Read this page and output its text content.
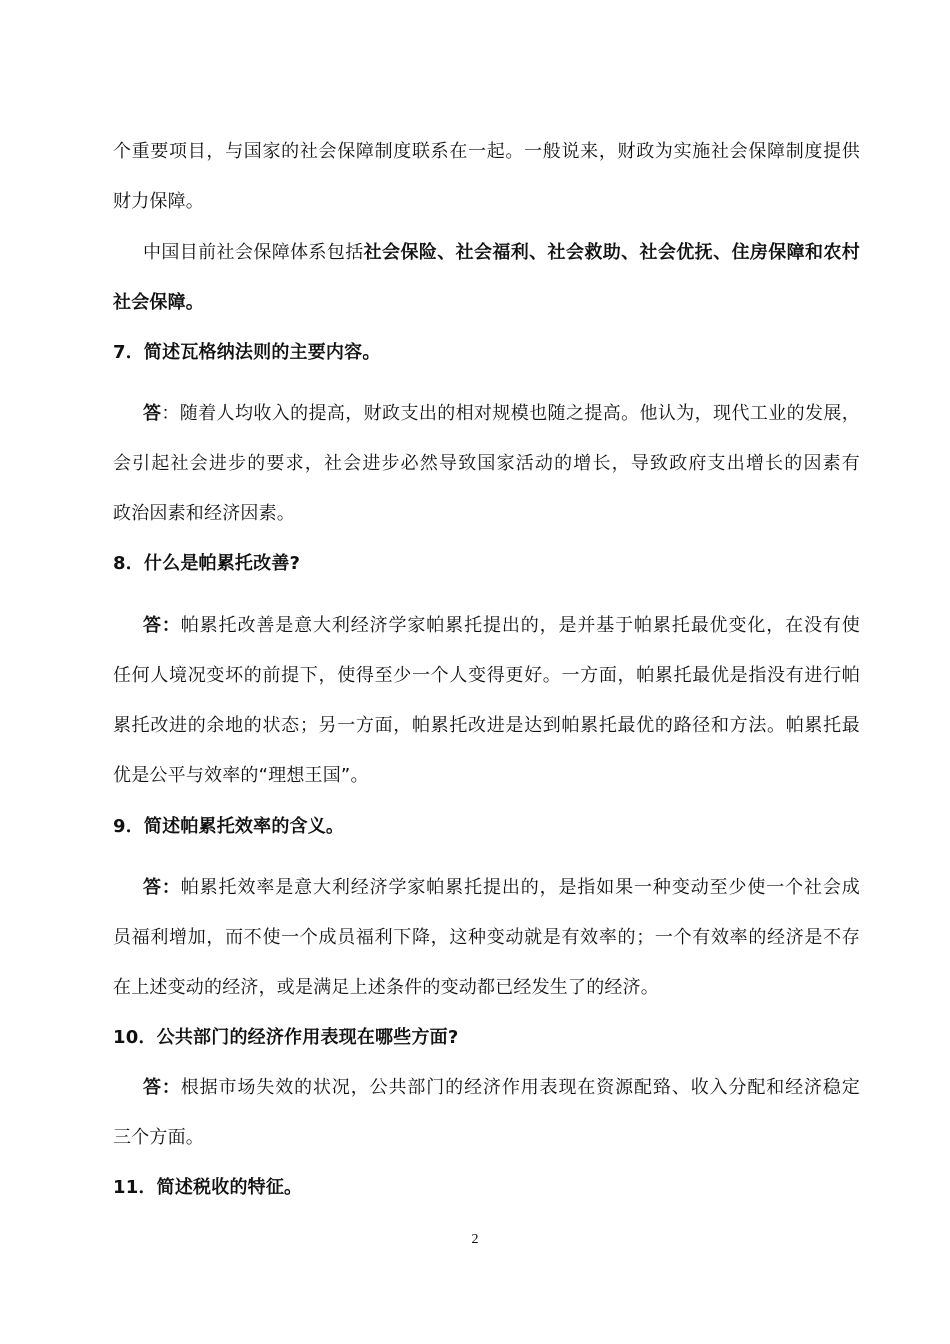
个重要项目，与国家的社会保障制度联系在一起。一般说来，财政为实施社会保障制度提供
财力保障。
中国目前社会保障体系包括社会保险、社会福利、社会救助、社会优抚、住房保障和农村
社会保障。
7．简述瓦格纳法则的主要内容。
答：随着人均收入的提高，财政支出的相对规模也随之提高。他认为，现代工业的发展，
会引起社会进步的要求，社会进步必然导致国家活动的增长，导致政府支出增长的因素有
政治因素和经济因素。
8．什么是帕累托改善?
答：帕累托改善是意大利经济学家帕累托提出的，是并基于帕累托最优变化，在没有使
任何人境况变坏的前提下，使得至少一个人变得更好。一方面，帕累托最优是指没有进行帕
累托改进的余地的状态；另一方面，帕累托改进是达到帕累托最优的路径和方法。帕累托最
优是公平与效率的“理想王国”。
9．简述帕累托效率的含义。
答：帕累托效率是意大利经济学家帕累托提出的，是指如果一种变动至少使一个社会成
员福利增加，而不使一个成员福利下降，这种变动就是有效率的；一个有效率的经济是不存
在上述变动的经济，或是满足上述条件的变动都已经发生了的经济。
10．公共部门的经济作用表现在哪些方面?
答：根据市场失效的状况，公共部门的经济作用表现在资源配臵、收入分配和经济稳定
三个方面。
11．简述税收的特征。
2
